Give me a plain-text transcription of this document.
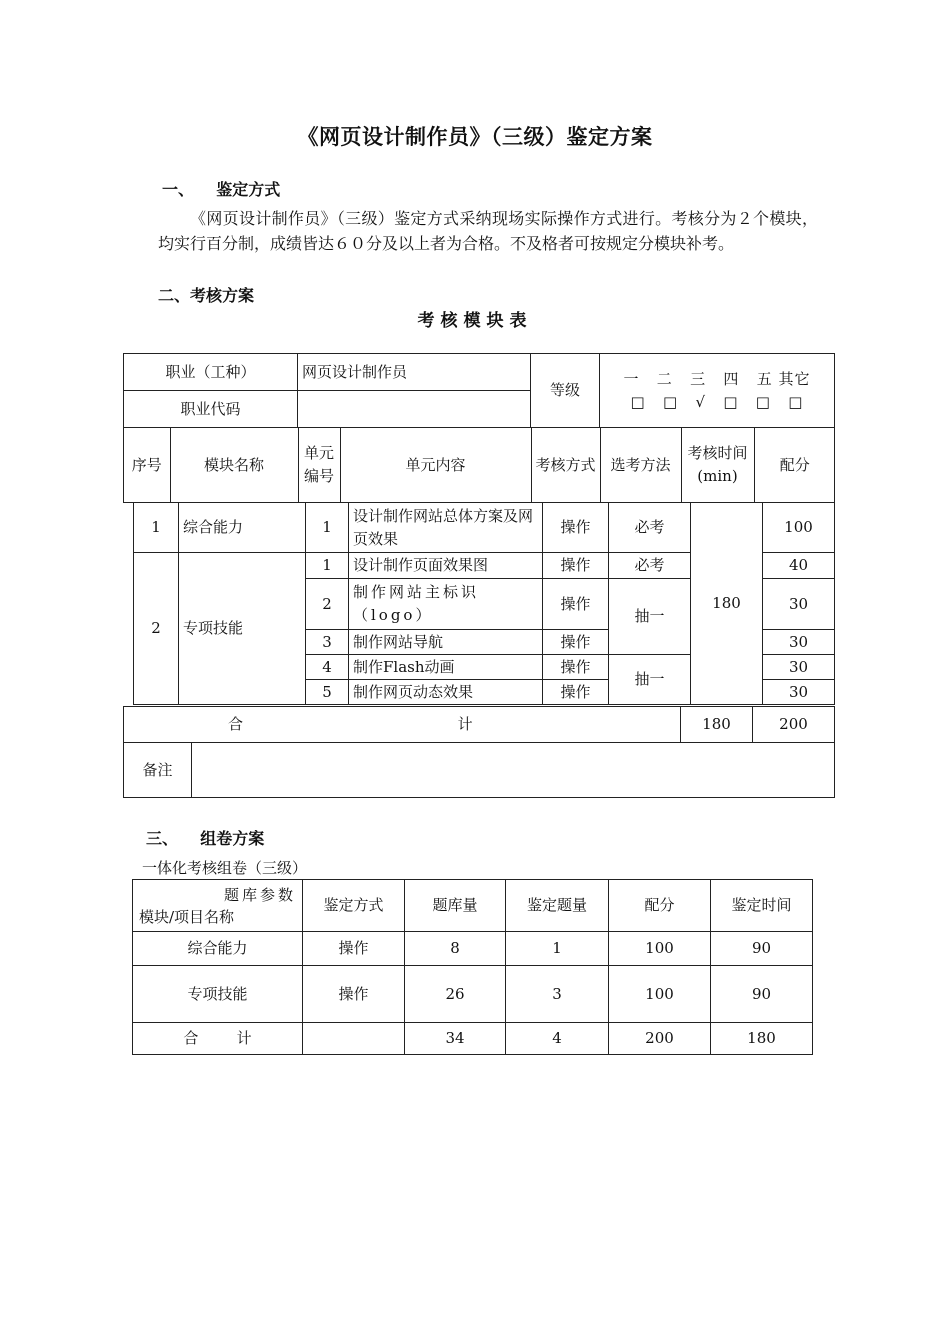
《网页设计制作员》（三级）鉴定方案
一、    鉴定方式
《网页设计制作员》（三级）鉴定方式采纳现场实际操作方式进行。考核分为２个模块，均实行百分制，成绩皆达６０分及以上者为合格。不及格者可按规定分模块补考。
二、考核方案
考核模块表
职业（工种）	网页设计制作员	等级	
一   二   三   四   五 其它
□   □   √   □   □   □

职业代码	

序号	模块名称	单元编号	单元内容	考核方式	选考方法	考核时间(min)	配分
1	综合能力	1	设计制作网站总体方案及网页效果	操作	必考	180	100
2	专项技能	1	设计制作页面效果图	操作	必考		40
		2	制作网站主标识（logo）	操作	抽一		30
		3	制作网站导航	操作			30
		4	制作Flash动画	操作	抽一		30
		5	制作网页动态效果	操作			30
合 计		180	200
备注			
三、    组卷方案
一体化考核组卷（三级）
题库参数
模块/项目名称	鉴定方式	题库量	鉴定题量	配分	鉴定时间
综合能力	操作	8	1	100	90
专项技能	操作	26	3	100	90
合        计		34	4	200	180
